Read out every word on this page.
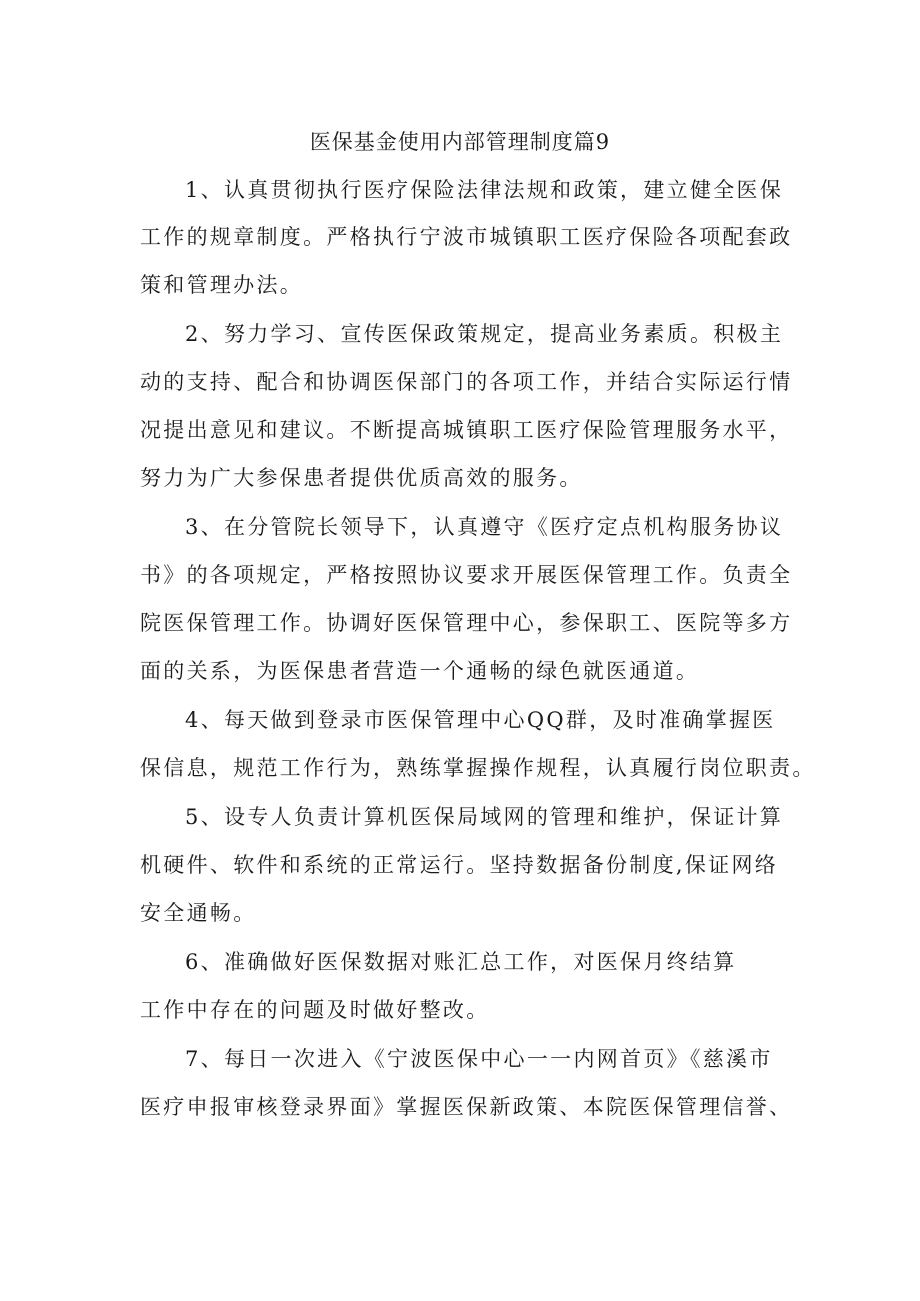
医保基金使用内部管理制度篇9
1、认真贯彻执行医疗保险法律法规和政策，建立健全医保
工作的规章制度。严格执行宁波市城镇职工医疗保险各项配套政
策和管理办法。
2、努力学习、宣传医保政策规定，提高业务素质。积极主
动的支持、配合和协调医保部门的各项工作，并结合实际运行情
况提出意见和建议。不断提高城镇职工医疗保险管理服务水平，
努力为广大参保患者提供优质高效的服务。
3、在分管院长领导下，认真遵守《医疗定点机构服务协议
书》的各项规定，严格按照协议要求开展医保管理工作。负责全
院医保管理工作。协调好医保管理中心，参保职工、医院等多方
面的关系，为医保患者营造一个通畅的绿色就医通道。
4、每天做到登录市医保管理中心QQ群，及时准确掌握医
保信息，规范工作行为，熟练掌握操作规程，认真履行岗位职责。
5、设专人负责计算机医保局域网的管理和维护，保证计算
机硬件、软件和系统的正常运行。坚持数据备份制度,保证网络
安全通畅。
6、准确做好医保数据对账汇总工作，对医保月终结算
工作中存在的问题及时做好整改。
7、每日一次进入《宁波医保中心一一内网首页》《慈溪市
医疗申报审核登录界面》掌握医保新政策、本院医保管理信誉、
